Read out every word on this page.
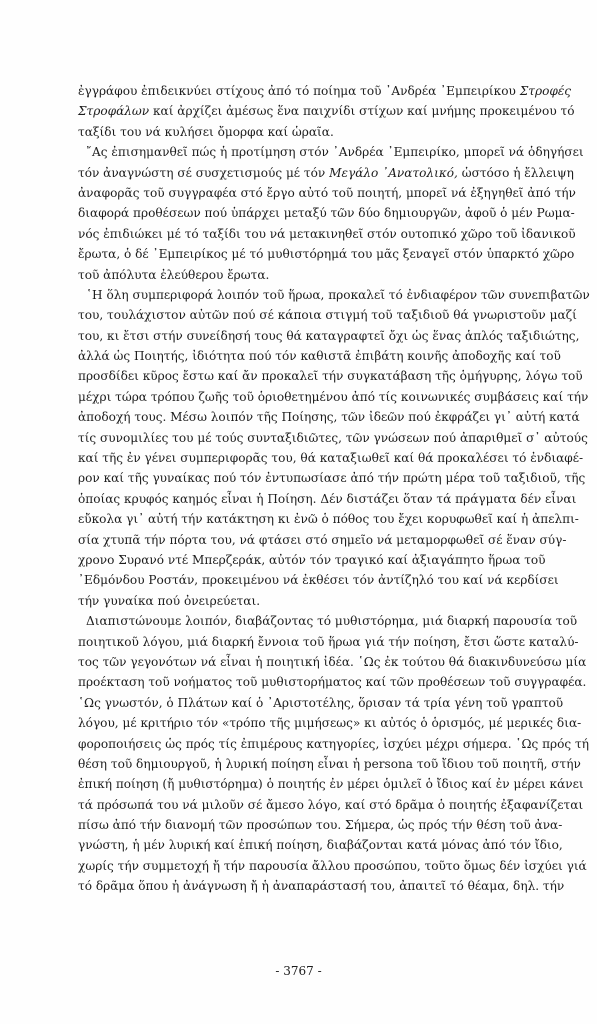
ἐγγράφου ἐπιδεικνύει στίχους ἀπό τό ποίημα τοῦ ᾿Ανδρέα ᾿Εμπειρίκου Στροφές
Στροφάλων καί ἀρχίζει ἀμέσως ἕνα παιχνίδι στίχων καί μνήμης προκειμένου τό
ταξίδι του νά κυλήσει ὄμορφα καί ὡραῖα.
῎Ας ἐπισημανθεῖ πώς ἡ προτίμηση στόν ᾿Ανδρέα ᾿Εμπειρίκο, μπορεῖ νά ὁδηγήσει
τόν ἀναγνώστη σέ συσχετισμούς μέ τόν Μεγάλο ᾿Ανατολικό, ὡστόσο ἡ ἔλλειψη
ἀναφορᾶς τοῦ συγγραφέα στό ἔργο αὐτό τοῦ ποιητή, μπορεῖ νά ἐξηγηθεῖ ἀπό τήν
διαφορά προθέσεων πού ὑπάρχει μεταξύ τῶν δύο δημιουργῶν, ἀφοῦ ὁ μέν Ρωμα-
νός ἐπιδιώκει μέ τό ταξίδι του νά μετακινηθεῖ στόν ουτοπικό χῶρο τοῦ ἰδανικοῦ
ἔρωτα, ὁ δέ ᾿Εμπειρίκος μέ τό μυθιστόρημά του μᾶς ξεναγεῖ στόν ὑπαρκτό χῶρο
τοῦ ἀπόλυτα ἐλεύθερου ἔρωτα.
῾Η ὅλη συμπεριφορά λοιπόν τοῦ ἥρωα, προκαλεῖ τό ἐνδιαφέρον τῶν συνεπιβατῶν
του, τουλάχιστον αὐτῶν πού σέ κάποια στιγμή τοῦ ταξιδιοῦ θά γνωριστοῦν μαζί
του, κι ἔτσι στήν συνείδησή τους θά καταγραφτεῖ ὄχι ὡς ἕνας ἁπλός ταξιδιώτης,
ἀλλά ὡς Ποιητής, ἰδιότητα πού τόν καθιστᾶ ἐπιβάτη κοινῆς ἀποδοχῆς καί τοῦ
προσδίδει κῦρος ἔστω καί ἄν προκαλεῖ τήν συγκατάβαση τῆς ὁμήγυρης, λόγω τοῦ
μέχρι τώρα τρόπου ζωῆς τοῦ ὁριοθετημένου ἀπό τίς κοινωνικές συμβάσεις καί τήν
ἀποδοχή τους. Μέσω λοιπόν τῆς Ποίησης, τῶν ἰδεῶν πού ἐκφράζει γι᾿ αὐτή κατά
τίς συνομιλίες του μέ τούς συνταξιδιῶτες, τῶν γνώσεων πού ἀπαριθμεῖ σ᾿ αὐτούς
καί τῆς ἐν γένει συμπεριφορᾶς του, θά καταξιωθεῖ καί θά προκαλέσει τό ἐνδιαφέ-
ρον καί τῆς γυναίκας πού τόν ἐντυπωσίασε ἀπό τήν πρώτη μέρα τοῦ ταξιδιοῦ, τῆς
ὁποίας κρυφός καημός εἶναι ἡ Ποίηση. Δέν διστάζει ὅταν τά πράγματα δέν εἶναι
εὔκολα γι᾿ αὐτή τήν κατάκτηση κι ἐνῶ ὁ πόθος του ἔχει κορυφωθεῖ καί ἡ ἀπελπι-
σία χτυπᾶ τήν πόρτα του, νά φτάσει στό σημεῖο νά μεταμορφωθεῖ σέ ἕναν σύγ-
χρονο Συρανό ντέ Μπερζεράκ, αὐτόν τόν τραγικό καί ἀξιαγάπητο ἥρωα τοῦ
᾿Εδμόνδου Ροστάν, προκειμένου νά ἐκθέσει τόν ἀντίζηλό του καί νά κερδίσει
τήν γυναίκα πού ὀνειρεύεται.
Διαπιστώνουμε λοιπόν, διαβάζοντας τό μυθιστόρημα, μιά διαρκή παρουσία τοῦ
ποιητικοῦ λόγου, μιά διαρκή ἔννοια τοῦ ἥρωα γιά τήν ποίηση, ἔτσι ὥστε καταλύ-
τος τῶν γεγονότων νά εἶναι ἡ ποιητική ἰδέα. ῾Ως ἐκ τούτου θά διακινδυνεύσω μία
προέκταση τοῦ νοήματος τοῦ μυθιστορήματος καί τῶν προθέσεων τοῦ συγγραφέα.
῾Ως γνωστόν, ὁ Πλάτων καί ὁ ᾿Αριστοτέλης, ὅρισαν τά τρία γένη τοῦ γραπτοῦ
λόγου, μέ κριτήριο τόν «τρόπο τῆς μιμήσεως» κι αὐτός ὁ ὁρισμός, μέ μερικές δια-
φοροποιήσεις ὡς πρός τίς ἐπιμέρους κατηγορίες, ἰσχύει μέχρι σήμερα. ῾Ως πρός τή
θέση τοῦ δημιουργοῦ, ἡ λυρική ποίηση εἶναι ἡ persona τοῦ ἴδιου τοῦ ποιητῆ, στήν
ἐπική ποίηση (ἤ μυθιστόρημα) ὁ ποιητής ἐν μέρει ὁμιλεῖ ὁ ἴδιος καί ἐν μέρει κάνει
τά πρόσωπά του νά μιλοῦν σέ ἄμεσο λόγο, καί στό δρᾶμα ὁ ποιητής ἐξαφανίζεται
πίσω ἀπό τήν διανομή τῶν προσώπων του. Σήμερα, ὡς πρός τήν θέση τοῦ ἀνα-
γνώστη, ἡ μέν λυρική καί ἐπική ποίηση, διαβάζονται κατά μόνας ἀπό τόν ἴδιο,
χωρίς τήν συμμετοχή ἤ τήν παρουσία ἄλλου προσώπου, τοῦτο ὅμως δέν ἰσχύει γιά
τό δρᾶμα ὅπου ἡ ἀνάγνωση ἤ ἡ ἀναπαράστασή του, ἀπαιτεῖ τό θέαμα, δηλ. τήν
- 3767 -
